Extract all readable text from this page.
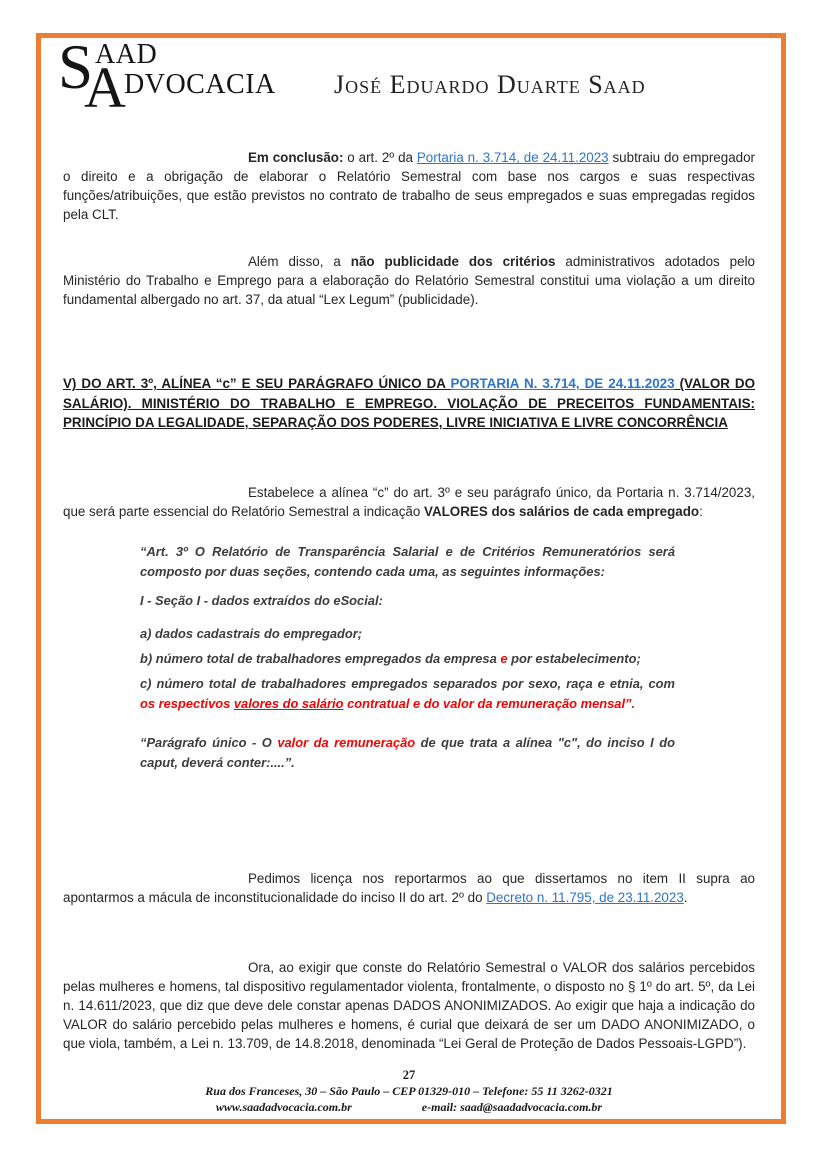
S AAD
A
DVOCACIA José Eduardo Duarte Saad

Em conclusão: o art. 2º da Portaria n. 3.714, de 24.11.2023 subtraiu do empregador o direito e a obrigação de elaborar o Relatório Semestral com base nos cargos e suas respectivas funções/atribuições, que estão previstos no contrato de trabalho de seus empregados e suas empregadas regidos pela CLT.

Além disso, a não publicidade dos critérios administrativos adotados pelo Ministério do Trabalho e Emprego para a elaboração do Relatório Semestral constitui uma violação a um direito fundamental albergado no art. 37, da atual “Lex Legum” (publicidade).

V) DO ART. 3º, ALÍNEA “c” E SEU PARÁGRAFO ÚNICO DA PORTARIA N. 3.714, DE 24.11.2023 (VALOR DO SALÁRIO). MINISTÉRIO DO TRABALHO E EMPREGO. VIOLAÇÃO DE PRECEITOS FUNDAMENTAIS: PRINCÍPIO DA LEGALIDADE, SEPARAÇÃO DOS PODERES, LIVRE INICIATIVA E LIVRE CONCORRÊNCIA

Estabelece a alínea “c” do art. 3º e seu parágrafo único, da Portaria n. 3.714/2023, que será parte essencial do Relatório Semestral a indicação VALORES dos salários de cada empregado:

“Art. 3º O Relatório de Transparência Salarial e de Critérios Remuneratórios será composto por duas seções, contendo cada uma, as seguintes informações:

I - Seção I - dados extraídos do eSocial:

a) dados cadastrais do empregador;

b) número total de trabalhadores empregados da empresa e por estabelecimento;

c) número total de trabalhadores empregados separados por sexo, raça e etnia, com os respectivos valores do salário contratual e do valor da remuneração mensal”.

“Parágrafo único - O valor da remuneração de que trata a alínea "c", do inciso I do caput, deverá conter:....”.

Pedimos licença nos reportarmos ao que dissertamos no item II supra ao apontarmos a mácula de inconstitucionalidade do inciso II do art. 2º do Decreto n. 11.795, de 23.11.2023.

Ora, ao exigir que conste do Relatório Semestral o VALOR dos salários percebidos pelas mulheres e homens, tal dispositivo regulamentador violenta, frontalmente, o disposto no § 1º do art. 5º, da Lei n. 14.611/2023, que diz que deve dele constar apenas DADOS ANONIMIZADOS. Ao exigir que haja a indicação do VALOR do salário percebido pelas mulheres e homens, é curial que deixará de ser um DADO ANONIMIZADO, o que viola, também, a Lei n. 13.709, de 14.8.2018, denominada “Lei Geral de Proteção de Dados Pessoais-LGPD”).

27
Rua dos Franceses, 30 – São Paulo – CEP 01329-010 – Telefone: 55 11 3262-0321
www.saadadvocacia.com.br	e-mail: saad@saadadvocacia.com.br
